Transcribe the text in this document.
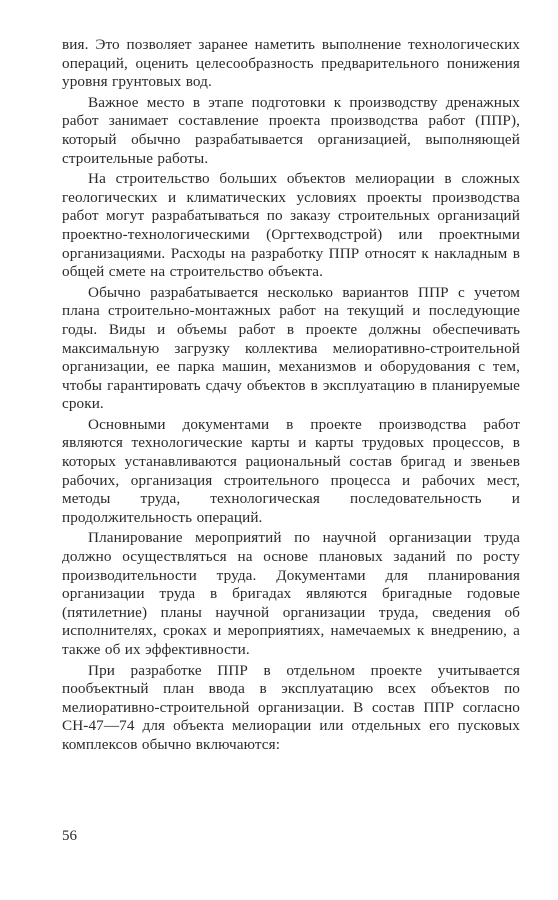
вия. Это позволяет заранее наметить выполнение технологических операций, оценить целесообразность предварительного понижения уровня грунтовых вод.

Важное место в этапе подготовки к производству дренажных работ занимает составление проекта производства работ (ППР), который обычно разрабатывается организацией, выполняющей строительные работы.

На строительство больших объектов мелиорации в сложных геологических и климатических условиях проекты производства работ могут разрабатываться по заказу строительных организаций проектно-технологическими (Оргтехводстрой) или проектными организациями. Расходы на разработку ППР относят к накладным в общей смете на строительство объекта.

Обычно разрабатывается несколько вариантов ППР с учетом плана строительно-монтажных работ на текущий и последующие годы. Виды и объемы работ в проекте должны обеспечивать максимальную загрузку коллектива мелиоративно-строительной организации, ее парка машин, механизмов и оборудования с тем, чтобы гарантировать сдачу объектов в эксплуатацию в планируемые сроки.

Основными документами в проекте производства работ являются технологические карты и карты трудовых процессов, в которых устанавливаются рациональный состав бригад и звеньев рабочих, организация строительного процесса и рабочих мест, методы труда, технологическая последовательность и продолжительность операций.

Планирование мероприятий по научной организации труда должно осуществляться на основе плановых заданий по росту производительности труда. Документами для планирования организации труда в бригадах являются бригадные годовые (пятилетние) планы научной организации труда, сведения об исполнителях, сроках и мероприятиях, намечаемых к внедрению, а также об их эффективности.

При разработке ППР в отдельном проекте учитывается пообъектный план ввода в эксплуатацию всех объектов по мелиоративно-строительной организации. В состав ППР согласно СН-47—74 для объекта мелиорации или отдельных его пусковых комплексов обычно включаются:

56
